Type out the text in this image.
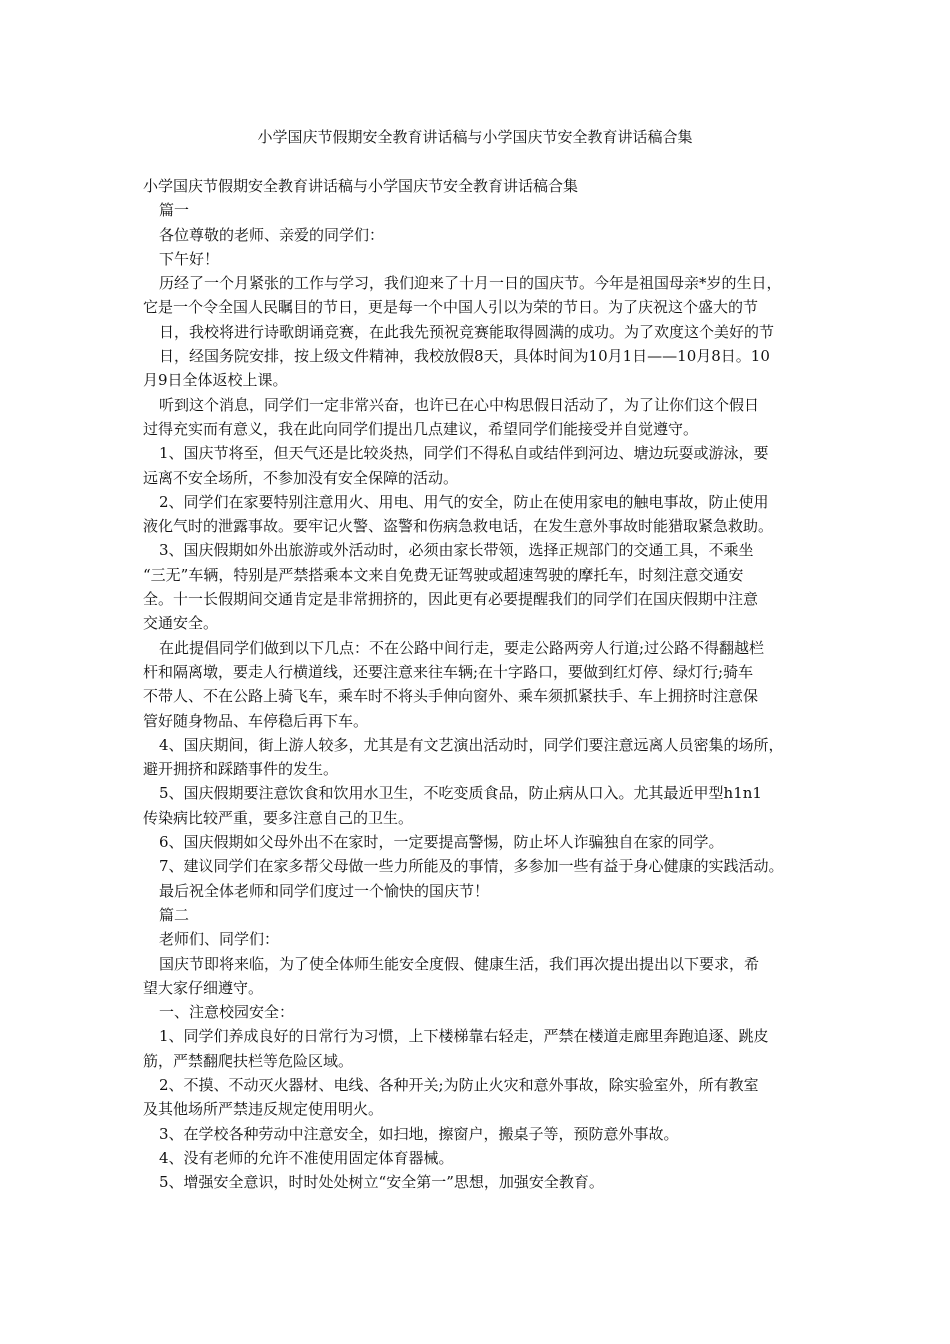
小学国庆节假期安全教育讲话稿与小学国庆节安全教育讲话稿合集

小学国庆节假期安全教育讲话稿与小学国庆节安全教育讲话稿合集

篇一

各位尊敬的老师、亲爱的同学们：

下午好！

历经了一个月紧张的工作与学习，我们迎来了十月一日的国庆节。今年是祖国母亲*岁的生日，

它是一个令全国人民瞩目的节日，更是每一个中国人引以为荣的节日。为了庆祝这个盛大的节

日，我校将进行诗歌朗诵竞赛，在此我先预祝竞赛能取得圆满的成功。为了欢度这个美好的节

日，经国务院安排，按上级文件精神，我校放假8天，具体时间为10月1日——10月8日。10

月9日全体返校上课。

听到这个消息，同学们一定非常兴奋，也许已在心中构思假日活动了，为了让你们这个假日

过得充实而有意义，我在此向同学们提出几点建议，希望同学们能接受并自觉遵守。

1、国庆节将至，但天气还是比较炎热，同学们不得私自或结伴到河边、塘边玩耍或游泳，要

远离不安全场所，不参加没有安全保障的活动。

2、同学们在家要特别注意用火、用电、用气的安全，防止在使用家电的触电事故，防止使用

液化气时的泄露事故。要牢记火警、盗警和伤病急救电话，在发生意外事故时能猎取紧急救助。

3、国庆假期如外出旅游或外活动时，必须由家长带领，选择正规部门的交通工具，不乘坐

“三无”车辆，特别是严禁搭乘本文来自免费无证驾驶或超速驾驶的摩托车，时刻注意交通安

全。十一长假期间交通肯定是非常拥挤的，因此更有必要提醒我们的同学们在国庆假期中注意

交通安全。

在此提倡同学们做到以下几点：不在公路中间行走，要走公路两旁人行道;过公路不得翻越栏

杆和隔离墩，要走人行横道线，还要注意来往车辆;在十字路口，要做到红灯停、绿灯行;骑车

不带人、不在公路上骑飞车，乘车时不将头手伸向窗外、乘车须抓紧扶手、车上拥挤时注意保

管好随身物品、车停稳后再下车。

4、国庆期间，街上游人较多，尤其是有文艺演出活动时，同学们要注意远离人员密集的场所，

避开拥挤和踩踏事件的发生。

5、国庆假期要注意饮食和饮用水卫生，不吃变质食品，防止病从口入。尤其最近甲型h1n1

传染病比较严重，要多注意自己的卫生。

6、国庆假期如父母外出不在家时，一定要提高警惕，防止坏人诈骗独自在家的同学。

7、建议同学们在家多帮父母做一些力所能及的事情，多参加一些有益于身心健康的实践活动。

最后祝全体老师和同学们度过一个愉快的国庆节！

篇二

老师们、同学们：

国庆节即将来临，为了使全体师生能安全度假、健康生活，我们再次提出提出以下要求，希

望大家仔细遵守。

一、注意校园安全：

1、同学们养成良好的日常行为习惯，上下楼梯靠右轻走，严禁在楼道走廊里奔跑追逐、跳皮

筋，严禁翻爬扶栏等危险区域。

2、不摸、不动灭火器材、电线、各种开关;为防止火灾和意外事故，除实验室外，所有教室

及其他场所严禁违反规定使用明火。

3、在学校各种劳动中注意安全，如扫地，擦窗户，搬桌子等，预防意外事故。

4、没有老师的允许不准使用固定体育器械。

5、增强安全意识，时时处处树立“安全第一”思想，加强安全教育。
